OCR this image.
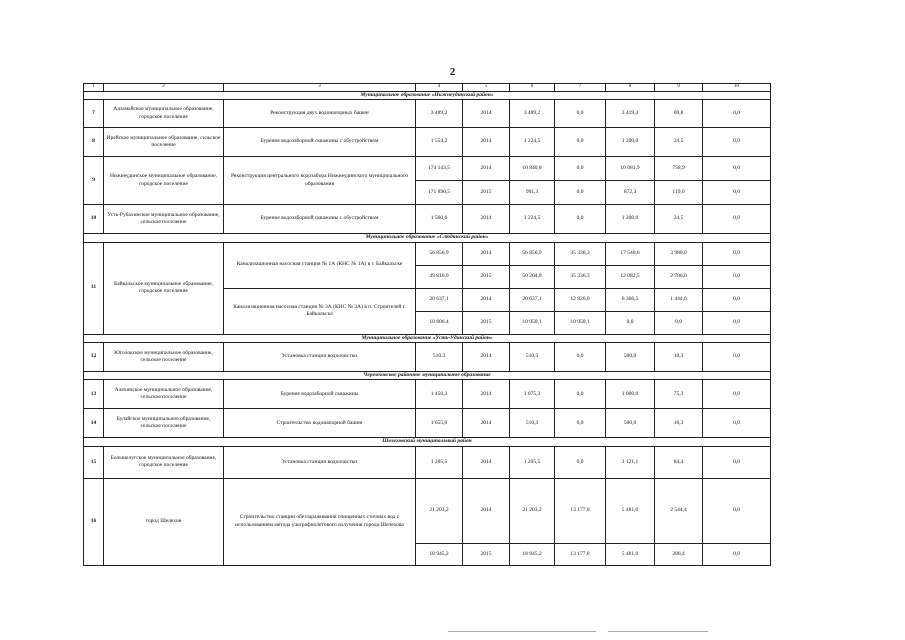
2
1	2	3	4	5	6	7	8	9	10
Муниципальное образование «Нижнеудинский район»									
7	Алзамайское муниципальное образование, городское поселение	Реконструкция двух водонапорных башен	3 489,2	2014	3 489,2	0,0	3 419,4	69,8	0,0
8	Ирейское муниципальное образование, сельское поселение	Бурение водозаборной скважины с обустройством	1 554,2	2014	1 224,5	0,0	1 200,0	24,5	0,0
9	Нижнеудинское муниципальное образование, городское поселение	Реконструкция центрального водозабора Нижнеудинского муниципального образования	174 143,5	2014	10 840,8	0,0	10 081,9	758,9	0,0
			171 890,5	2015	991,3	0,0	872,3	119,0	0,0
10	Усть-Рубахинское муниципальное образование, сельское поселение	Бурение водозаборной скважины с обустройством	1 560,6	2014	1 224,5	0,0	1 200,0	24,5	0,0
Муниципальное образование «Слюдянский район»									
11	Байкальское муниципальное образование, городское поселение	Канализационная насосная станция № 1А (КНС № 1А) в г. Байкальске	56 856,9	2014	56 856,9	35 336,3	17 540,6	3 980,0	0,0
			49 810,0	2015	50 204,8	35 336,3	12 082,5	2 786,0	0,0
		Канализационная насосная станция № 3А (КНС № 3А) в п. Строителей г. Байкальска	20 637,1	2014	20 637,1	12 826,0	6 366,5	1 444,6	0,0
			10 806,4	2015	10 950,1	10 950,1	0,0	0,0	0,0
Муниципальное образование «Усть-Удинский район»									
12	Юголокское муниципальное образование, сельское поселение	Установка станции водоочистки	510,3	2014	510,3	0,0	500,0	10,3	0,0
Черемховское районное муниципальное образование									
13	Алехинское муниципальное образование, сельское поселение	Бурение водозаборной скважины	1 450,3	2014	1 075,3	0,0	1 000,0	75,3	0,0
14	Булайское муниципальное образование, сельское поселение	Строительство водонапорной башни	1 655,0	2014	510,3	0,0	500,0	10,3	0,0
Шелеховский муниципальный район									
15	Большелугское муниципальное образование, городское поселение	Установка станции водоочистки	1 205,5	2014	1 205,5	0,0	1 121,1	84,4	0,0
16	город Шелехов	Строительство станции обеззараживания очищенных сточных вод с использованием метода ультрафиолетового излучения города Шелехова	21 203,2	2014	21 203,2	13 177,8	5 481,0	2 544,4	0,0
			18 945,2	2015	18 945,2	13 177,8	5 481,0	286,4	0,0
